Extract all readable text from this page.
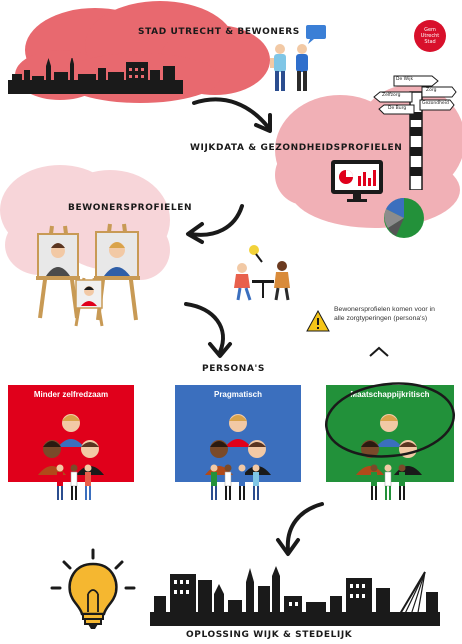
STAD UTRECHT & BEWONERS
WIJKDATA & GEZONDHEIDSPROFIELEN
BEWONERSPROFIELEN
PERSONA'S
OPLOSSING WIJK & STEDELIJK
Gem
Utrecht
Stad
De Wijk
Zorg
Zelfzorg
Gezondheid
De Burg
Bewonersprofielen komen voor in alle zorgtyperingen (persona's)
Minder zelfredzaam	Pragmatisch	Maatschappijkritisch
